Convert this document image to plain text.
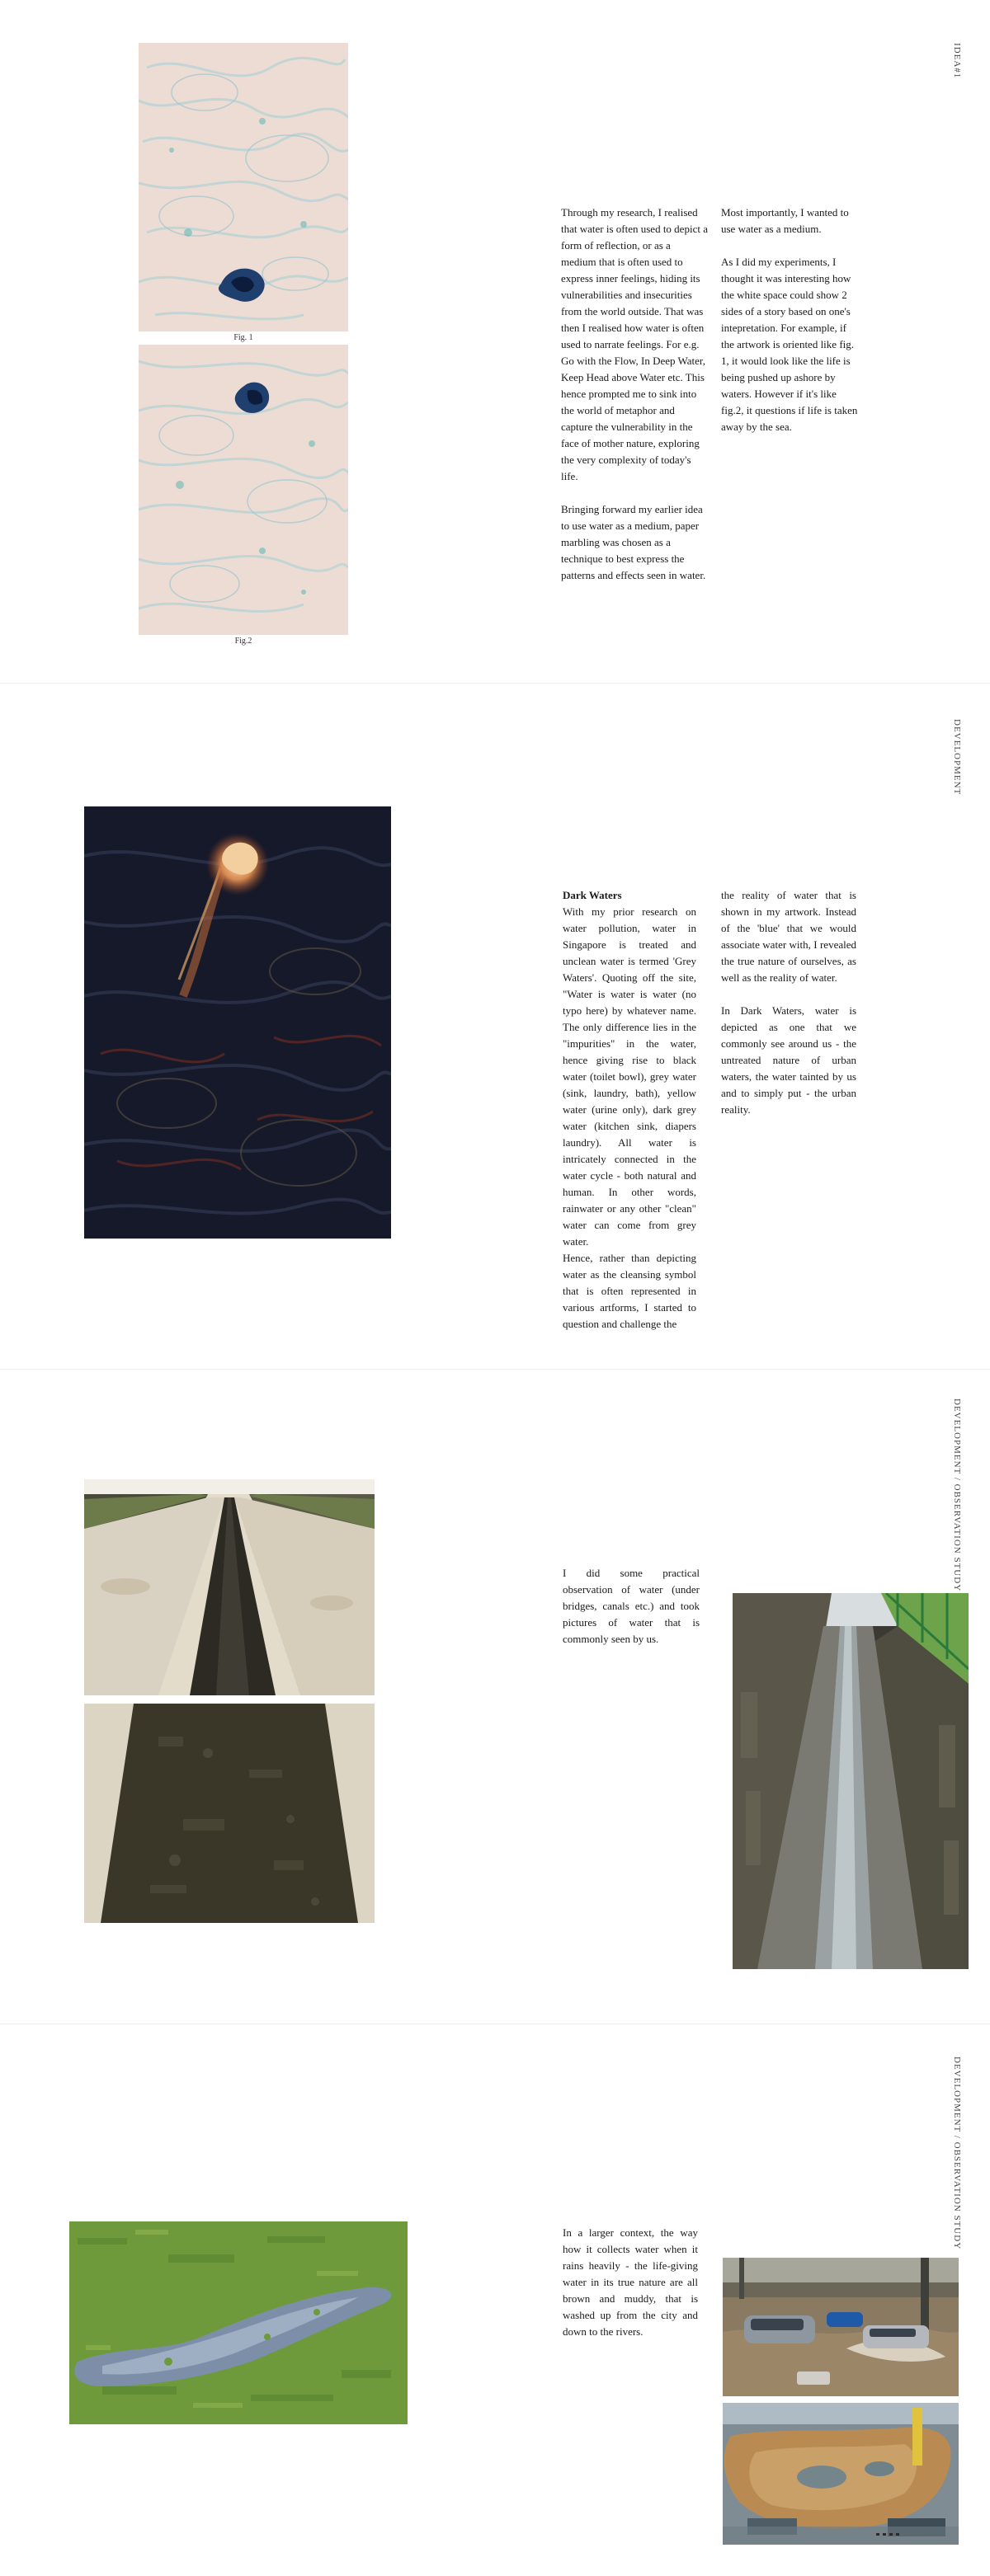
IDEA#1
Fig. 1
Fig.2

Through my research, I realised that water is often used to depict a form of reflection, or as a medium that is often used to express inner feelings, hiding its vulnerabilities and insecurities from the world outside. That was then I realised how water is often used to narrate feelings. For e.g. Go with the Flow, In Deep Water, Keep Head above Water etc. This hence prompted me to sink into the world of metaphor and capture the vulnerability in the face of mother nature, exploring the very complexity of today's life.

Bringing forward my earlier idea to use water as a medium, paper marbling was chosen as a technique to best express the patterns and effects seen in water.

Most importantly, I wanted to use water as a medium.

As I did my experiments, I thought it was interesting how the white space could show 2 sides of a story based on one's intepretation. For example, if the artwork is oriented like fig. 1, it would look like the life is being pushed up ashore by waters. However if it's like fig.2, it questions if life is taken away by the sea.

DEVELOPMENT
Dark Waters
With my prior research on water pollution, water in Singapore is treated and unclean water is termed 'Grey Waters'. Quoting off the site, "Water is water is water (no typo here) by whatever name. The only difference lies in the "impurities" in the water, hence giving rise to black water (toilet bowl), grey water (sink, laundry, bath), yellow water (urine only), dark grey water (kitchen sink, diapers laundry). All water is intricately connected in the water cycle - both natural and human. In other words, rainwater or any other "clean" water can come from grey water.
Hence, rather than depicting water as the cleansing symbol that is often represented in various artforms, I started to question and challenge the

the reality of water that is shown in my artwork. Instead of the 'blue' that we would associate water with, I revealed the true nature of ourselves, as well as the reality of water.

In Dark Waters, water is depicted as one that we commonly see around us - the untreated nature of urban waters, the water tainted by us and to simply put - the urban reality.

DEVELOPMENT / OBSERVATION STUDY
I did some practical observation of water (under bridges, canals etc.) and took pictures of water that is commonly seen by us.
DEVELOPMENT / OBSERVATION STUDY
In a larger context, the way how it collects water when it rains heavily - the life-giving water in its true nature are all brown and muddy, that is washed up from the city and down to the rivers.
